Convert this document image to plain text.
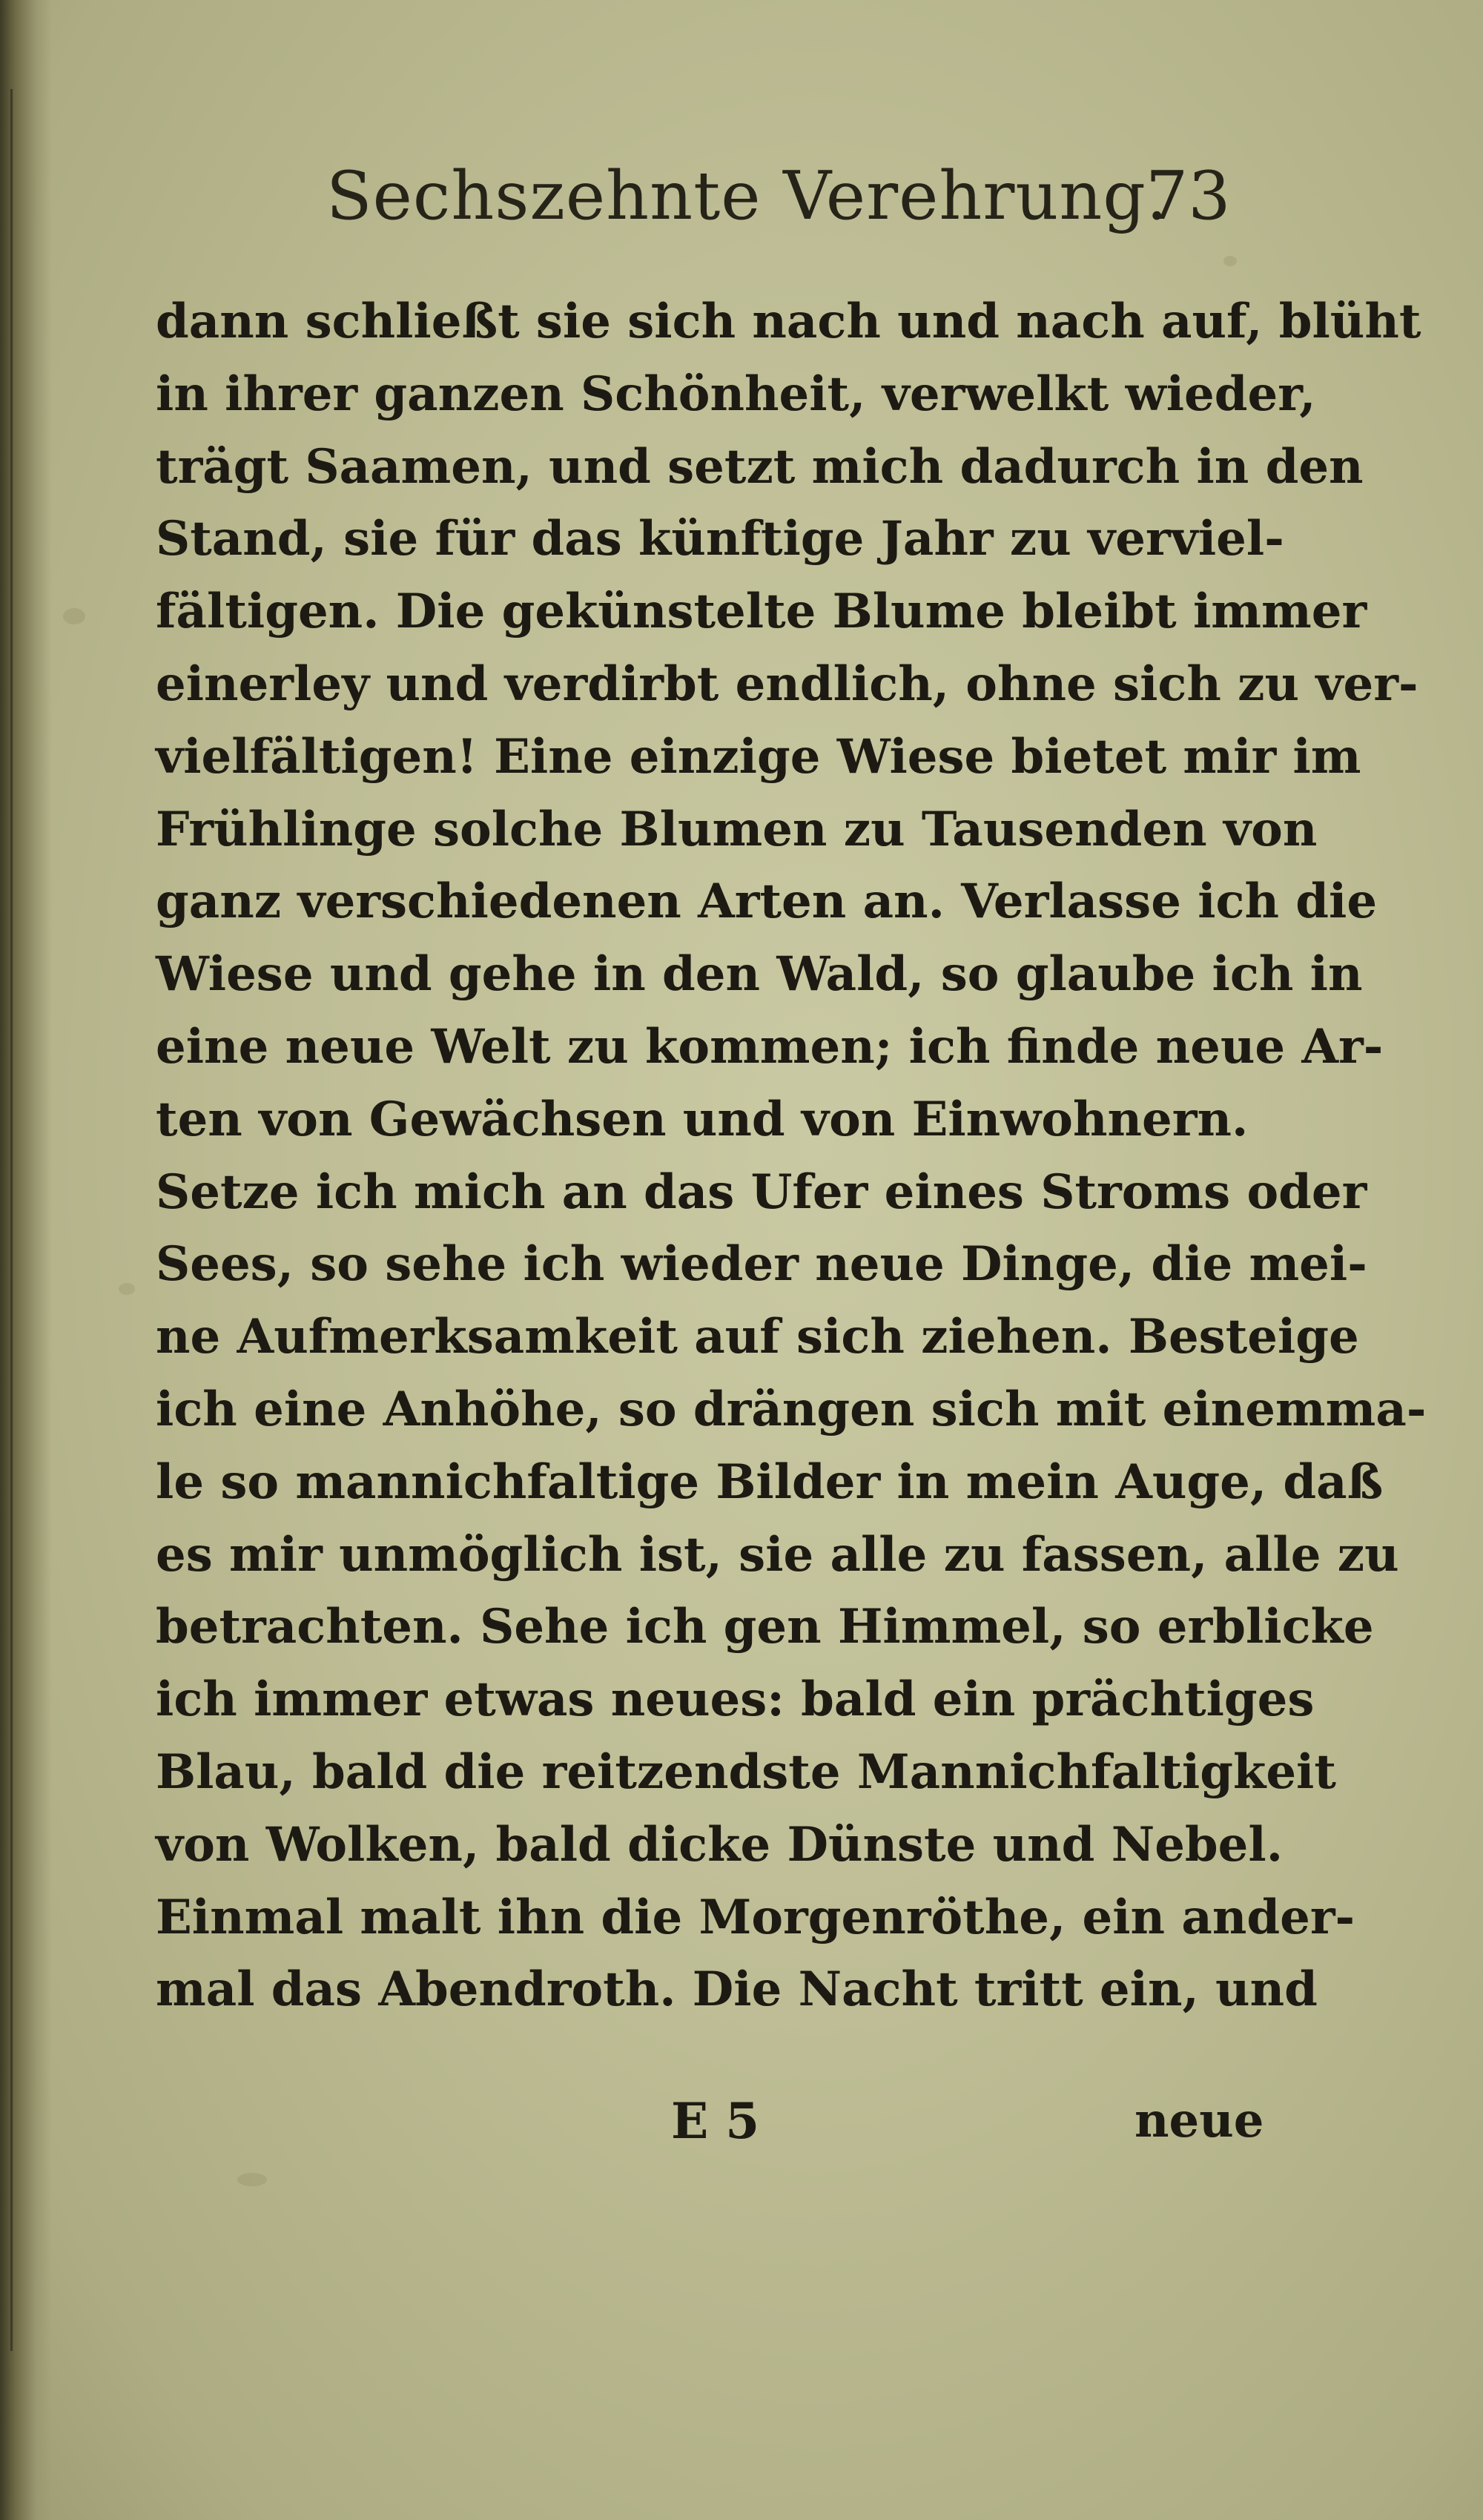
Sechszehnte Verehrung.
73
dann schließt sie sich nach und nach auf, blüht
in ihrer ganzen Schönheit, verwelkt wieder,
trägt Saamen, und setzt mich dadurch in den
Stand, sie für das künftige Jahr zu verviel-
fältigen. Die gekünstelte Blume bleibt immer
einerley und verdirbt endlich, ohne sich zu ver-
vielfältigen! Eine einzige Wiese bietet mir im
Frühlinge solche Blumen zu Tausenden von
ganz verschiedenen Arten an. Verlasse ich die
Wiese und gehe in den Wald, so glaube ich in
eine neue Welt zu kommen; ich finde neue Ar-
ten von Gewächsen und von Einwohnern.
Setze ich mich an das Ufer eines Stroms oder
Sees, so sehe ich wieder neue Dinge, die mei-
ne Aufmerksamkeit auf sich ziehen. Besteige
ich eine Anhöhe, so drängen sich mit einemma-
le so mannichfaltige Bilder in mein Auge, daß
es mir unmöglich ist, sie alle zu fassen, alle zu
betrachten. Sehe ich gen Himmel, so erblicke
ich immer etwas neues: bald ein prächtiges
Blau, bald die reitzendste Mannichfaltigkeit
von Wolken, bald dicke Dünste und Nebel.
Einmal malt ihn die Morgenröthe, ein ander-
mal das Abendroth. Die Nacht tritt ein, und
E 5	neue
